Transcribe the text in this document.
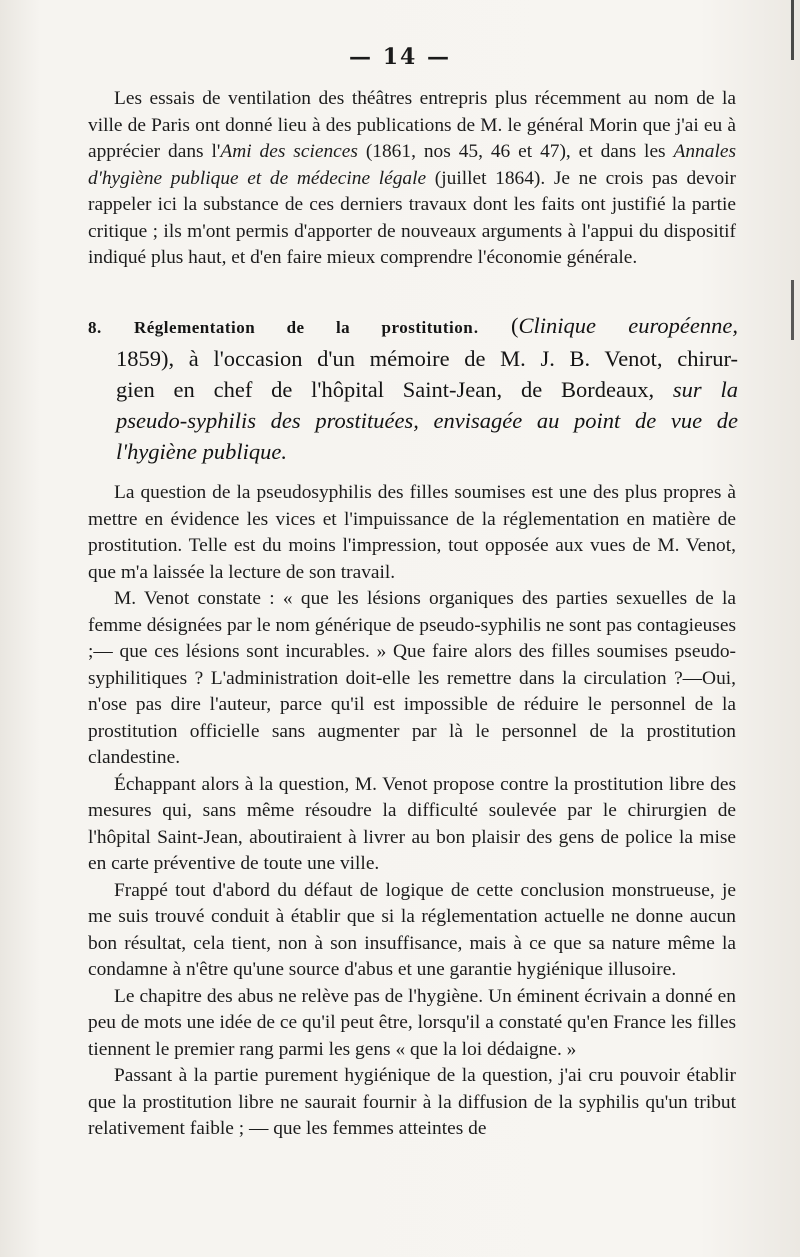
— 14 —

Les essais de ventilation des théâtres entrepris plus récemment au nom de la ville de Paris ont donné lieu à des publications de M. le général Morin que j'ai eu à apprécier dans l'Ami des sciences (1861, nos 45, 46 et 47), et dans les Annales d'hygiène publique et de médecine légale (juillet 1864). Je ne crois pas devoir rappeler ici la substance de ces derniers travaux dont les faits ont justifié la partie critique ; ils m'ont permis d'apporter de nouveaux arguments à l'appui du dispositif indiqué plus haut, et d'en faire mieux comprendre l'économie générale.

8. Réglementation de la prostitution. (Clinique européenne,
1859), à l'occasion d'un mémoire de M. J. B. Venot, chirur-
gien en chef de l'hôpital Saint-Jean, de Bordeaux, sur la
pseudo-syphilis des prostituées, envisagée au point de vue de
l'hygiène publique.

La question de la pseudosyphilis des filles soumises est une des plus propres à mettre en évidence les vices et l'impuissance de la réglementation en matière de prostitution. Telle est du moins l'impression, tout opposée aux vues de M. Venot, que m'a laissée la lecture de son travail.

M. Venot constate : « que les lésions organiques des parties sexuelles de la femme désignées par le nom générique de pseudo-syphilis ne sont pas contagieuses ;— que ces lésions sont incurables. » Que faire alors des filles soumises pseudo-syphilitiques ? L'administration doit-elle les remettre dans la circulation ?—Oui, n'ose pas dire l'auteur, parce qu'il est impossible de réduire le personnel de la prostitution officielle sans augmenter par là le personnel de la prostitution clandestine.

Échappant alors à la question, M. Venot propose contre la prostitution libre des mesures qui, sans même résoudre la difficulté soulevée par le chirurgien de l'hôpital Saint-Jean, aboutiraient à livrer au bon plaisir des gens de police la mise en carte préventive de toute une ville.

Frappé tout d'abord du défaut de logique de cette conclusion monstrueuse, je me suis trouvé conduit à établir que si la réglementation actuelle ne donne aucun bon résultat, cela tient, non à son insuffisance, mais à ce que sa nature même la condamne à n'être qu'une source d'abus et une garantie hygiénique illusoire.

Le chapitre des abus ne relève pas de l'hygiène. Un éminent écrivain a donné en peu de mots une idée de ce qu'il peut être, lorsqu'il a constaté qu'en France les filles tiennent le premier rang parmi les gens « que la loi dédaigne. »

Passant à la partie purement hygiénique de la question, j'ai cru pouvoir établir que la prostitution libre ne saurait fournir à la diffusion de la syphilis qu'un tribut relativement faible ; — que les femmes atteintes de
